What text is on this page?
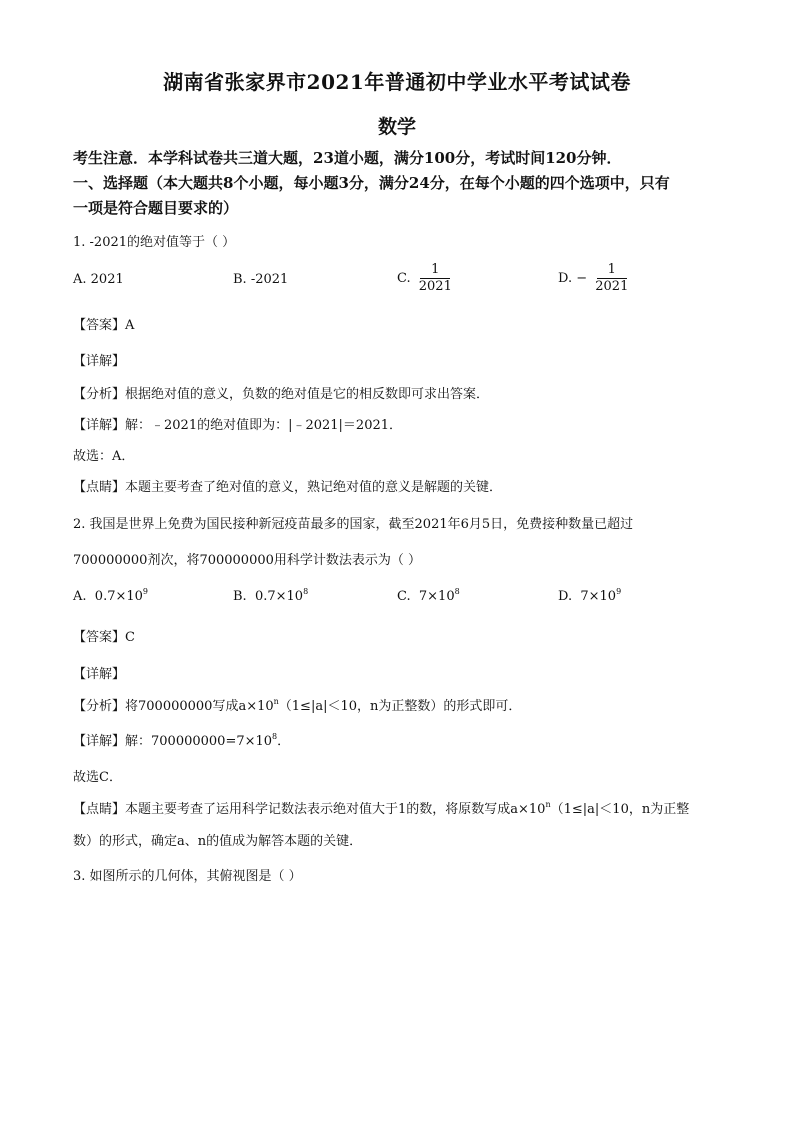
湖南省张家界市2021年普通初中学业水平考试试卷
数学
考生注意．本学科试卷共三道大题，23道小题，满分100分，考试时间120分钟．
一、选择题（本大题共8个小题，每小题3分，满分24分，在每个小题的四个选项中，只有
一项是符合题目要求的）
1. -2021的绝对值等于（ ）
A. 2021	B. -2021	C. $\frac{1}{2021}$	D. − $\frac{1}{2021}$
【答案】A
【详解】
【分析】根据绝对值的意义，负数的绝对值是它的相反数即可求出答案．
【详解】解：﹣2021的绝对值即为：|﹣2021|＝2021．
故选：A．
【点睛】本题主要考查了绝对值的意义，熟记绝对值的意义是解题的关键．
2. 我国是世界上免费为国民接种新冠疫苗最多的国家，截至2021年6月5日，免费接种数量已超过
700000000剂次，将700000000用科学计数法表示为（ ）
A. $0.7\times 10^9$	B. $0.7\times 10^8$	C. $7\times 10^8$	D. $7\times 10^9$
【答案】C
【详解】
【分析】将700000000写成$a\times 10^n(1\le|a|<10$，n为正整数）的形式即可．
【详解】解：$700000000=7\times 10^8$．
故选C．
【点睛】本题主要考查了运用科学记数法表示绝对值大于1的数，将原数写成$a\times 10^n(1\le|a|<10$，n为正整
数）的形式，确定a、n的值成为解答本题的关键．
3. 如图所示的几何体，其俯视图是（ ）
